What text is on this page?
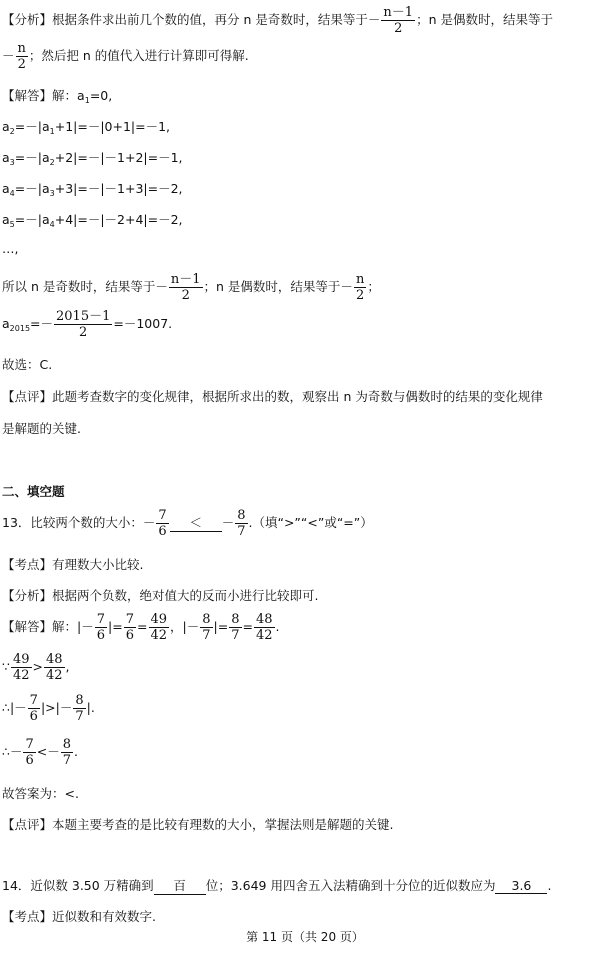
【分析】根据条件求出前几个数的值，再分 n 是奇数时，结果等于－ $\frac{n-1}{2}$ ；n 是偶数时，结果等于
－ $\frac{n}{2}$ ；然后把 n 的值代入进行计算即可得解.
【解答】解：$a_1=0$,
$a_2=-|a_1+1|=-|0+1|=-1$,
$a_3=-|a_2+2|=-|-1+2|=-1$,
$a_4=-|a_3+3|=-|-1+3|=-2$,
$a_5=-|a_4+4|=-|-2+4|=-2$,
…,
所以 n 是奇数时，结果等于－ $\frac{n-1}{2}$ ；n 是偶数时，结果等于－ $\frac{n}{2}$ ；
$a_{2015}=- \frac{2015-1}{2} =-1007$.
故选：C.
【点评】此题考查数字的变化规律，根据所求出的数，观察出 n 为奇数与偶数时的结果的变化规律
是解题的关键.
二、填空题
13．比较两个数的大小：－ $\frac{7}{6}$ ＜ － $\frac{8}{7}$ .（填“>”“<”或“=”）
【考点】有理数大小比较.
【分析】根据两个负数，绝对值大的反而小进行比较即可.
【解答】解：|－ $\frac{7}{6}$ |= $\frac{7}{6} = \frac{49}{42}$ ，|－ $\frac{8}{7}$ |= $\frac{8}{7} = \frac{48}{42}$ .
∵ $\frac{49}{42} > \frac{48}{42}$ ,
∴|－ $\frac{7}{6}$ |>|－ $\frac{8}{7}$ |.
∴－ $\frac{7}{6} <- \frac{8}{7}$ .
故答案为：<.
【点评】本题主要考查的是比较有理数的大小，掌握法则是解题的关键.
14．近似数 3.50 万精确到 百 位；3.649 用四舍五入法精确到十分位的近似数应为 3.6 .
【考点】近似数和有效数字.
第 11 页（共 20 页）
